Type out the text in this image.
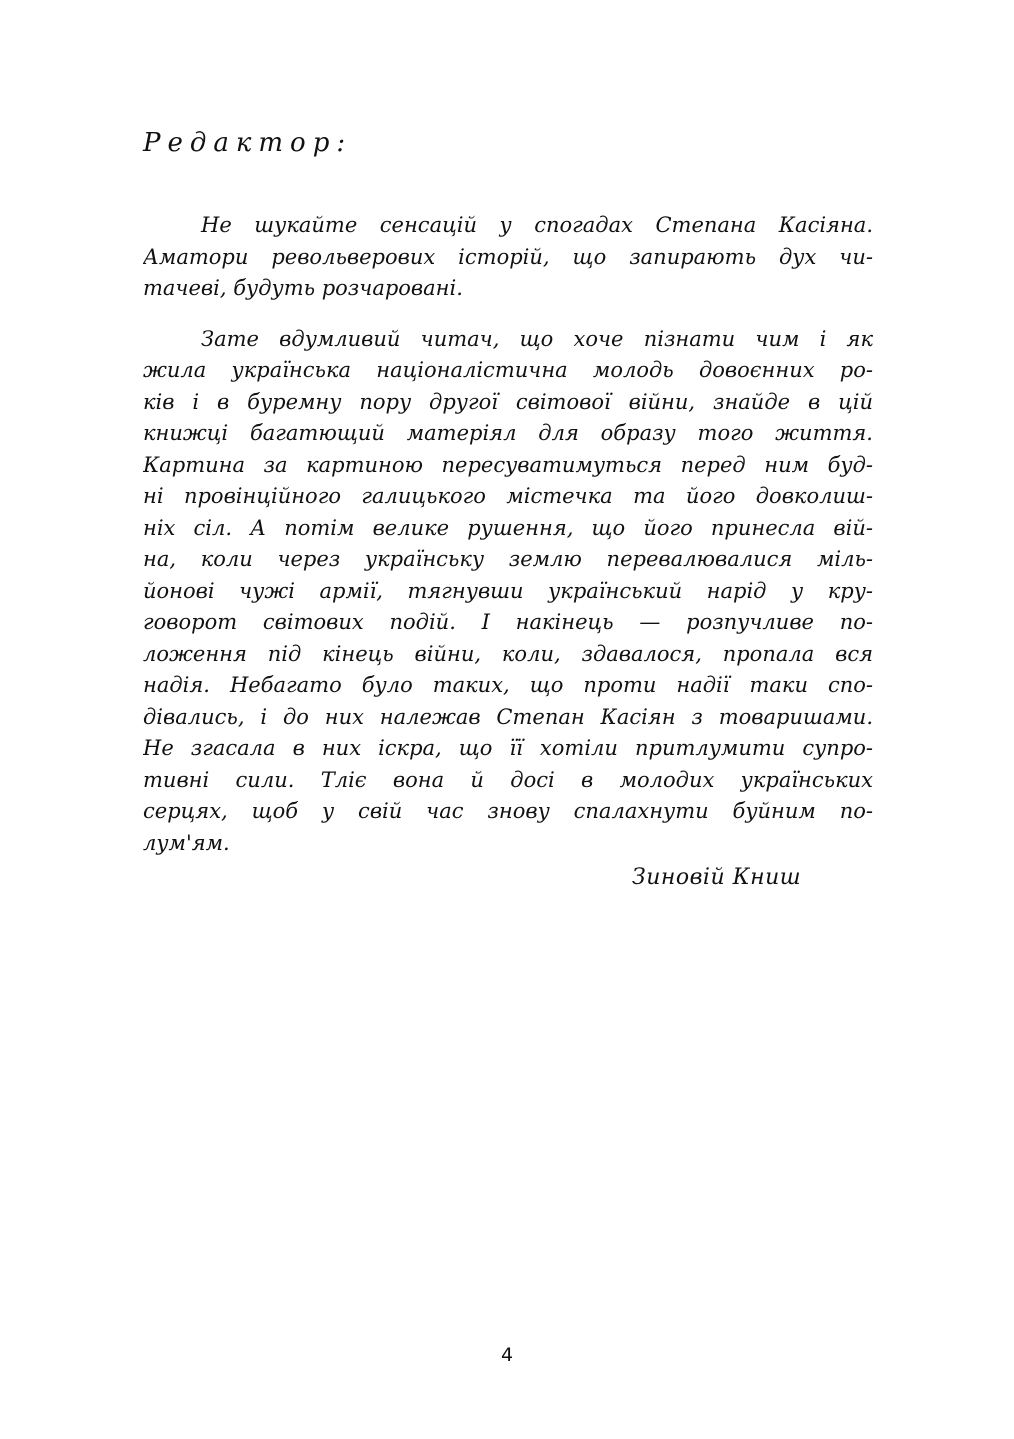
Редактор:

Не шукайте сенсацій у спогадах Степана Касіяна.
Аматори револьверових історій, що запирають дух чи-
тачеві, будуть розчаровані.
Зате вдумливий читач, що хоче пізнати чим і як
жила українська націоналістична молодь довоєнних ро-
ків і в буремну пору другої світової війни, знайде в цій
книжці багатющий матеріял для образу того життя.
Картина за картиною пересуватимуться перед ним буд-
ні провінційного галицького містечка та його довколиш-
ніх сіл. А потім велике рушення, що його принесла вій-
на, коли через українську землю перевалювалися міль-
йонові чужі армії, тягнувши український нарід у кру-
говорот світових подій. І накінець — розпучливе по-
ложення під кінець війни, коли, здавалося, пропала вся
надія. Небагато було таких, що проти надії таки спо-
дівались, і до них належав Степан Касіян з товаришами.
Не згасала в них іскра, що її хотіли притлумити супро-
тивні сили. Тліє вона й досі в молодих українських
серцях, щоб у свій час знову спалахнути буйним по-
лум'ям.

Зиновій Книш

4
